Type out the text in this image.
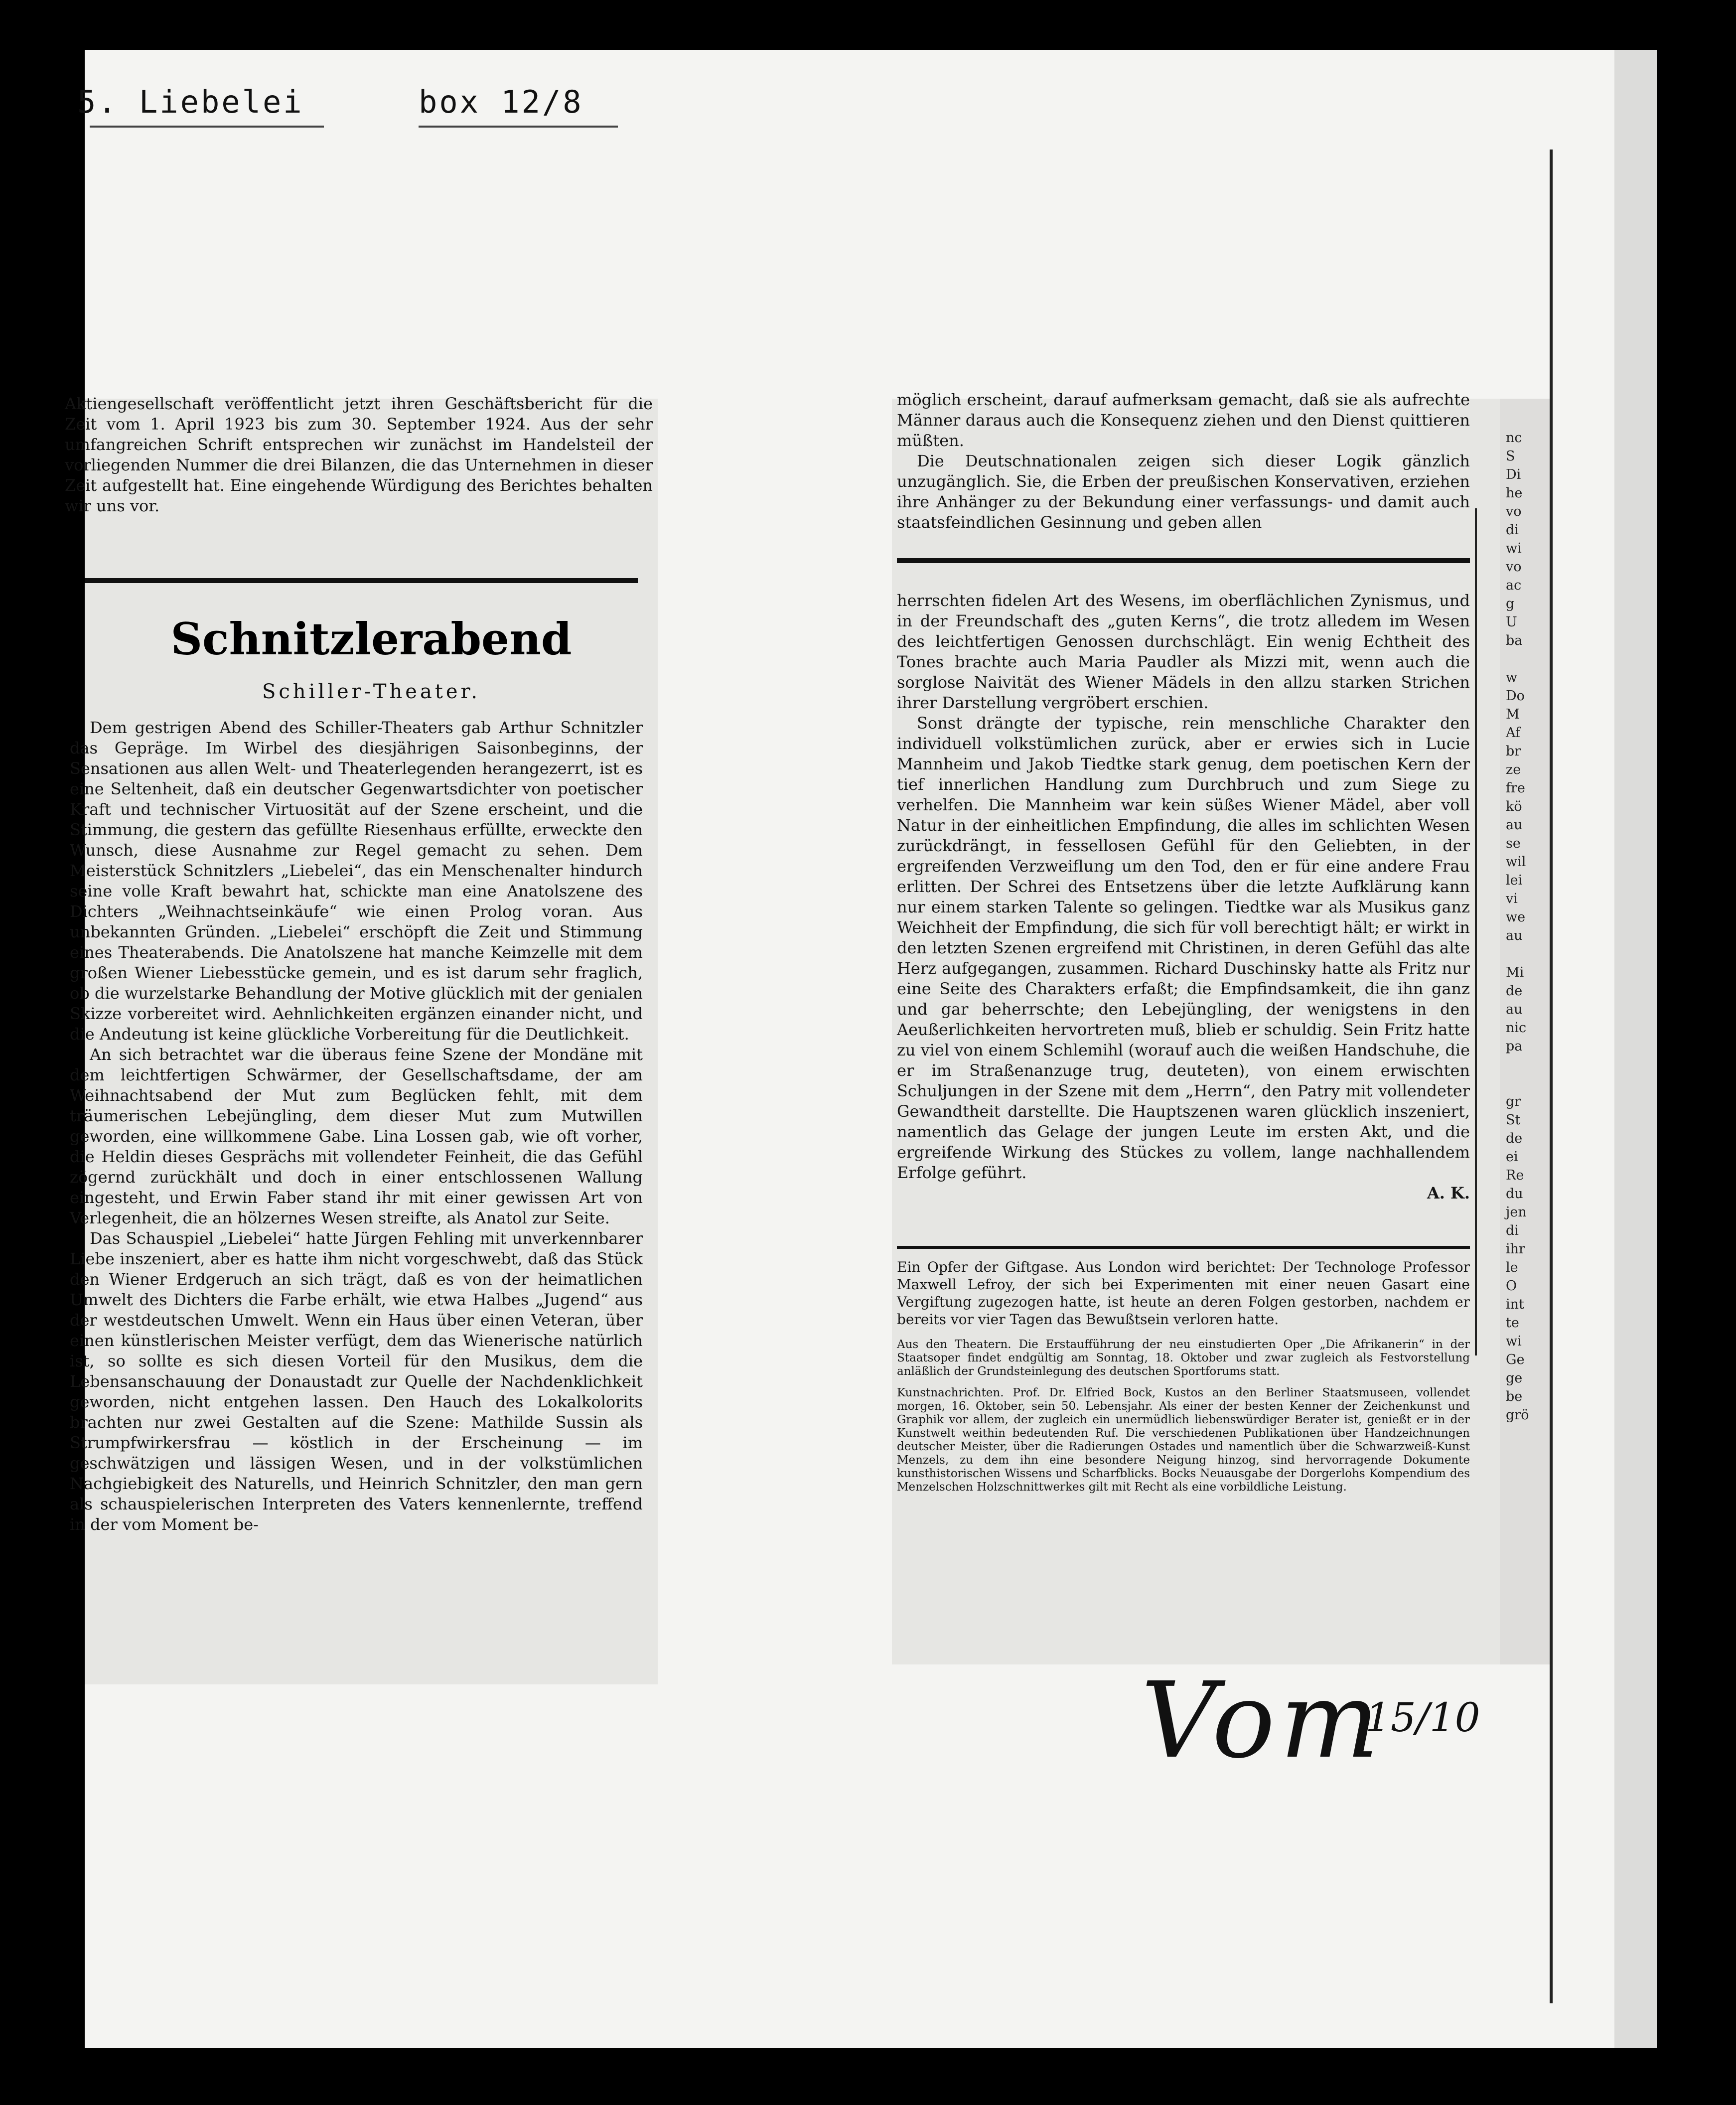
5. Liebelei	box 12/8

Aktiengesellschaft veröffentlicht jetzt ihren Geschäftsbericht für die Zeit vom 1. April 1923 bis zum 30. September 1924. Aus der sehr umfangreichen Schrift entsprechen wir zunächst im Handelsteil der vorliegenden Nummer die drei Bilanzen, die das Unternehmen in dieser Zeit aufgestellt hat. Eine eingehende Würdigung des Berichtes behalten wir uns vor.

Schnitzlerabend
Schiller-Theater.

Dem gestrigen Abend des Schiller-Theaters gab Arthur Schnitzler das Gepräge. Im Wirbel des diesjährigen Saisonbeginns, der Sensationen aus allen Welt- und Theaterlegenden herangezerrt, ist es eine Seltenheit, daß ein deutscher Gegenwartsdichter von poetischer Kraft und technischer Virtuosität auf der Szene erscheint, und die Stimmung, die gestern das gefüllte Riesenhaus erfüllte, erweckte den Wunsch, diese Ausnahme zur Regel gemacht zu sehen. Dem Meisterstück Schnitzlers „Liebelei“, das ein Menschenalter hindurch seine volle Kraft bewahrt hat, schickte man eine Anatolszene des Dichters „Weihnachtseinkäufe“ wie einen Prolog voran. Aus unbekannten Gründen. „Liebelei“ erschöpft die Zeit und Stimmung eines Theaterabends. Die Anatolszene hat manche Keimzelle mit dem großen Wiener Liebesstücke gemein, und es ist darum sehr fraglich, ob die wurzelstarke Behandlung der Motive glücklich mit der genialen Skizze vorbereitet wird. Aehnlichkeiten ergänzen einander nicht, und die Andeutung ist keine glückliche Vorbereitung für die Deutlichkeit.

An sich betrachtet war die überaus feine Szene der Mondäne mit dem leichtfertigen Schwärmer, der Gesellschaftsdame, der am Weihnachtsabend der Mut zum Beglücken fehlt, mit dem träumerischen Lebejüngling, dem dieser Mut zum Mutwillen geworden, eine willkommene Gabe. Lina Lossen gab, wie oft vorher, die Heldin dieses Gesprächs mit vollendeter Feinheit, die das Gefühl zögernd zurückhält und doch in einer entschlossenen Wallung eingesteht, und Erwin Faber stand ihr mit einer gewissen Art von Verlegenheit, die an hölzernes Wesen streifte, als Anatol zur Seite.

Das Schauspiel „Liebelei“ hatte Jürgen Fehling mit unverkennbarer Liebe inszeniert, aber es hatte ihm nicht vorgeschwebt, daß das Stück den Wiener Erdgeruch an sich trägt, daß es von der heimatlichen Umwelt des Dichters die Farbe erhält, wie etwa Halbes „Jugend“ aus der westdeutschen Umwelt. Wenn ein Haus über einen Veteran, über einen künstlerischen Meister verfügt, dem das Wienerische natürlich ist, so sollte es sich diesen Vorteil für den Musikus, dem die Lebensanschauung der Donaustadt zur Quelle der Nachdenklichkeit geworden, nicht entgehen lassen. Den Hauch des Lokalkolorits brachten nur zwei Gestalten auf die Szene: Mathilde Sussin als Strumpfwirkersfrau — köstlich in der Erscheinung — im geschwätzigen und lässigen Wesen, und in der volkstümlichen Nachgiebigkeit des Naturells, und Heinrich Schnitzler, den man gern als schauspielerischen Interpreten des Vaters kennenlernte, treffend in der vom Moment be-

möglich erscheint, darauf aufmerksam gemacht, daß sie als aufrechte Männer daraus auch die Konsequenz ziehen und den Dienst quittieren müßten.

Die Deutschnationalen zeigen sich dieser Logik gänzlich unzugänglich. Sie, die Erben der preußischen Konservativen, erziehen ihre Anhänger zu der Bekundung einer verfassungs- und damit auch staatsfeindlichen Gesinnung und geben allen

herrschten fidelen Art des Wesens, im oberflächlichen Zynismus, und in der Freundschaft des „guten Kerns“, die trotz alledem im Wesen des leichtfertigen Genossen durchschlägt. Ein wenig Echtheit des Tones brachte auch Maria Paudler als Mizzi mit, wenn auch die sorglose Naivität des Wiener Mädels in den allzu starken Strichen ihrer Darstellung vergröbert erschien.

Sonst drängte der typische, rein menschliche Charakter den individuell volkstümlichen zurück, aber er erwies sich in Lucie Mannheim und Jakob Tiedtke stark genug, dem poetischen Kern der tief innerlichen Handlung zum Durchbruch und zum Siege zu verhelfen. Die Mannheim war kein süßes Wiener Mädel, aber voll Natur in der einheitlichen Empfindung, die alles im schlichten Wesen zurückdrängt, in fessellosen Gefühl für den Geliebten, in der ergreifenden Verzweiflung um den Tod, den er für eine andere Frau erlitten. Der Schrei des Entsetzens über die letzte Aufklärung kann nur einem starken Talente so gelingen. Tiedtke war als Musikus ganz Weichheit der Empfindung, die sich für voll berechtigt hält; er wirkt in den letzten Szenen ergreifend mit Christinen, in deren Gefühl das alte Herz aufgegangen, zusammen. Richard Duschinsky hatte als Fritz nur eine Seite des Charakters erfaßt; die Empfindsamkeit, die ihn ganz und gar beherrschte; den Lebejüngling, der wenigstens in den Aeußerlichkeiten hervortreten muß, blieb er schuldig. Sein Fritz hatte zu viel von einem Schlemihl (worauf auch die weißen Handschuhe, die er im Straßenanzuge trug, deuteten), von einem erwischten Schuljungen in der Szene mit dem „Herrn“, den Patry mit vollendeter Gewandtheit darstellte. Die Hauptszenen waren glücklich inszeniert, namentlich das Gelage der jungen Leute im ersten Akt, und die ergreifende Wirkung des Stückes zu vollem, lange nachhallendem Erfolge geführt.

A. K.

Ein Opfer der Giftgase. Aus London wird berichtet: Der Technologe Professor Maxwell Lefroy, der sich bei Experimenten mit einer neuen Gasart eine Vergiftung zugezogen hatte, ist heute an deren Folgen gestorben, nachdem er bereits vor vier Tagen das Bewußtsein verloren hatte.

Aus den Theatern. Die Erstaufführung der neu einstudierten Oper „Die Afrikanerin“ in der Staatsoper findet endgültig am Sonntag, 18. Oktober und zwar zugleich als Festvorstellung anläßlich der Grundsteinlegung des deutschen Sportforums statt.

Kunstnachrichten. Prof. Dr. Elfried Bock, Kustos an den Berliner Staatsmuseen, vollendet morgen, 16. Oktober, sein 50. Lebensjahr. Als einer der besten Kenner der Zeichenkunst und Graphik vor allem, der zugleich ein unermüdlich liebenswürdiger Berater ist, genießt er in der Kunstwelt weithin bedeutenden Ruf. Die verschiedenen Publikationen über Handzeichnungen deutscher Meister, über die Radierungen Ostades und namentlich über die Schwarzweiß-Kunst Menzels, zu dem ihn eine besondere Neigung hinzog, sind hervorragende Dokumente kunsthistorischen Wissens und Scharfblicks. Bocks Neuausgabe der Dorgerlohs Kompendium des Menzelschen Holzschnittwerkes gilt mit Recht als eine vorbildliche Leistung.

nc
S
Di
he
vo
di
wi
vo
ac
g
U
ba

w
Do
M
Af
br
ze
fre
kö
au
se
wil
lei
vi
we
au

Mi
de
au
nic
pa

gr
St
de
ei
Re
du
jen
di
ihr
le
O
int
te
wi
Ge
ge
be
grö
Vom
15/10
